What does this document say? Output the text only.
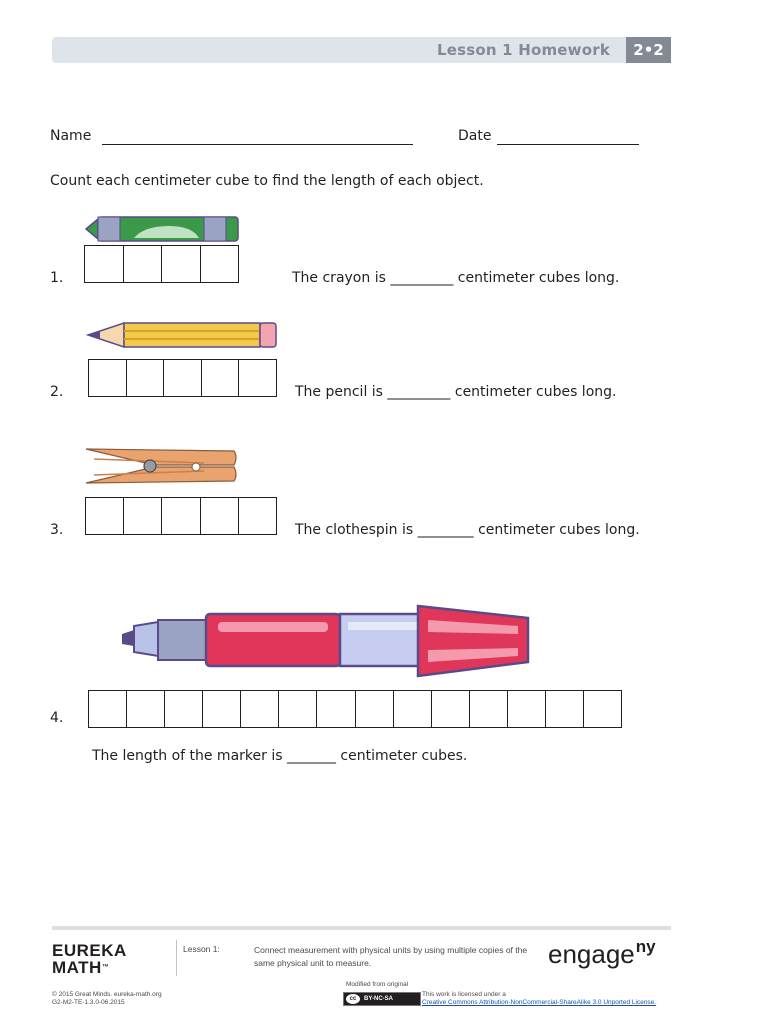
Lesson 1 Homework	2•2
Name	Date
Count each centimeter cube to find the length of each object.
1.	The crayon is _________ centimeter cubes long.
2.	The pencil is _________ centimeter cubes long.
3.	The clothespin is ________ centimeter cubes long.
4.
The length of the marker is _______ centimeter cubes.
EUREKA
MATH™
Lesson 1:	Connect measurement with physical units by using multiple copies of the same physical unit to measure.	engage$^{ny}$
© 2015 Great Minds. eureka-math.org
G2-M2-TE-1.3.0-06.2015
Modified from original
cc	BY-NC-SA
This work is licensed under a
Creative Commons Attribution-NonCommercial-ShareAlike 3.0 Unported License.
